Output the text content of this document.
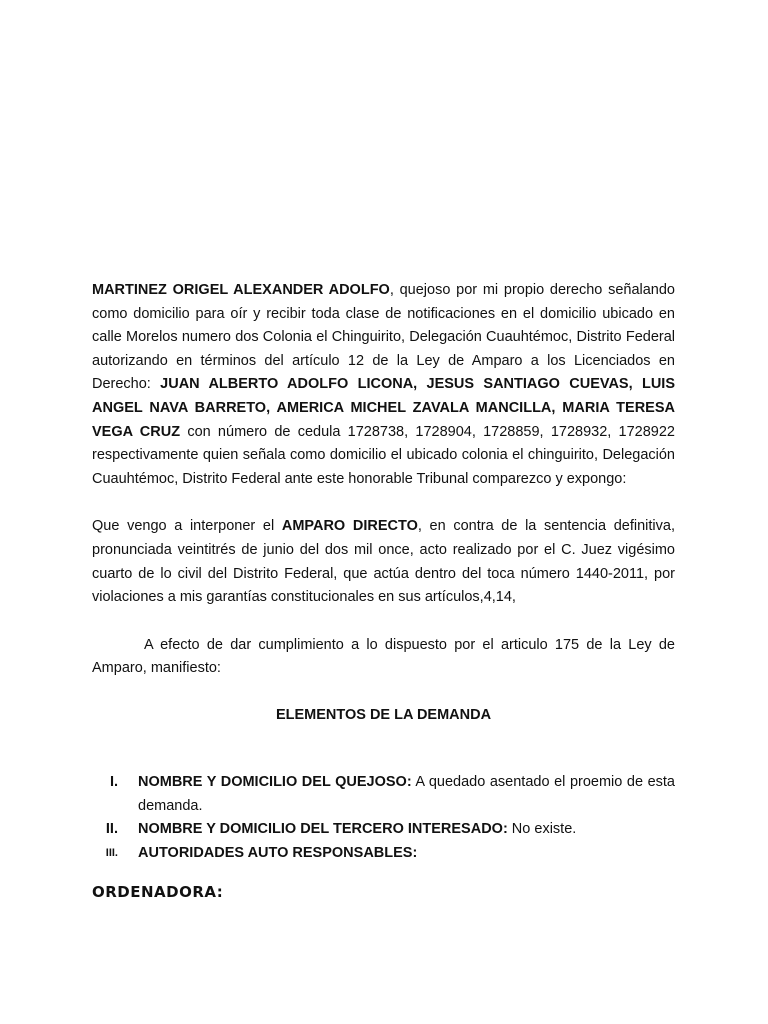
MARTINEZ ORIGEL ALEXANDER ADOLFO, quejoso por mi propio derecho señalando como domicilio para oír y recibir toda clase de notificaciones en el domicilio ubicado en calle Morelos numero dos Colonia el Chinguirito, Delegación Cuauhtémoc, Distrito Federal autorizando en términos del artículo 12 de la Ley de Amparo a los Licenciados en Derecho: JUAN ALBERTO ADOLFO LICONA, JESUS SANTIAGO CUEVAS, LUIS ANGEL NAVA BARRETO, AMERICA MICHEL ZAVALA MANCILLA, MARIA TERESA VEGA CRUZ con número de cedula 1728738, 1728904, 1728859, 1728932, 1728922 respectivamente quien señala como domicilio el ubicado colonia el chinguirito, Delegación Cuauhtémoc, Distrito Federal ante este honorable Tribunal comparezco y expongo:

Que vengo a interponer el AMPARO DIRECTO, en contra de la sentencia definitiva, pronunciada veintitrés de junio del dos mil once, acto realizado por el C. Juez vigésimo cuarto de lo civil del Distrito Federal, que actúa dentro del toca número 1440-2011, por violaciones a mis garantías constitucionales en sus artículos,4,14,

A efecto de dar cumplimiento a lo dispuesto por el articulo 175 de la Ley de Amparo, manifiesto:

ELEMENTOS DE LA DEMANDA

I. NOMBRE Y DOMICILIO DEL QUEJOSO: A quedado asentado el proemio de esta demanda.
II. NOMBRE Y DOMICILIO DEL TERCERO INTERESADO: No existe.
III. AUTORIDADES AUTO RESPONSABLES:

ORDENADORA:
